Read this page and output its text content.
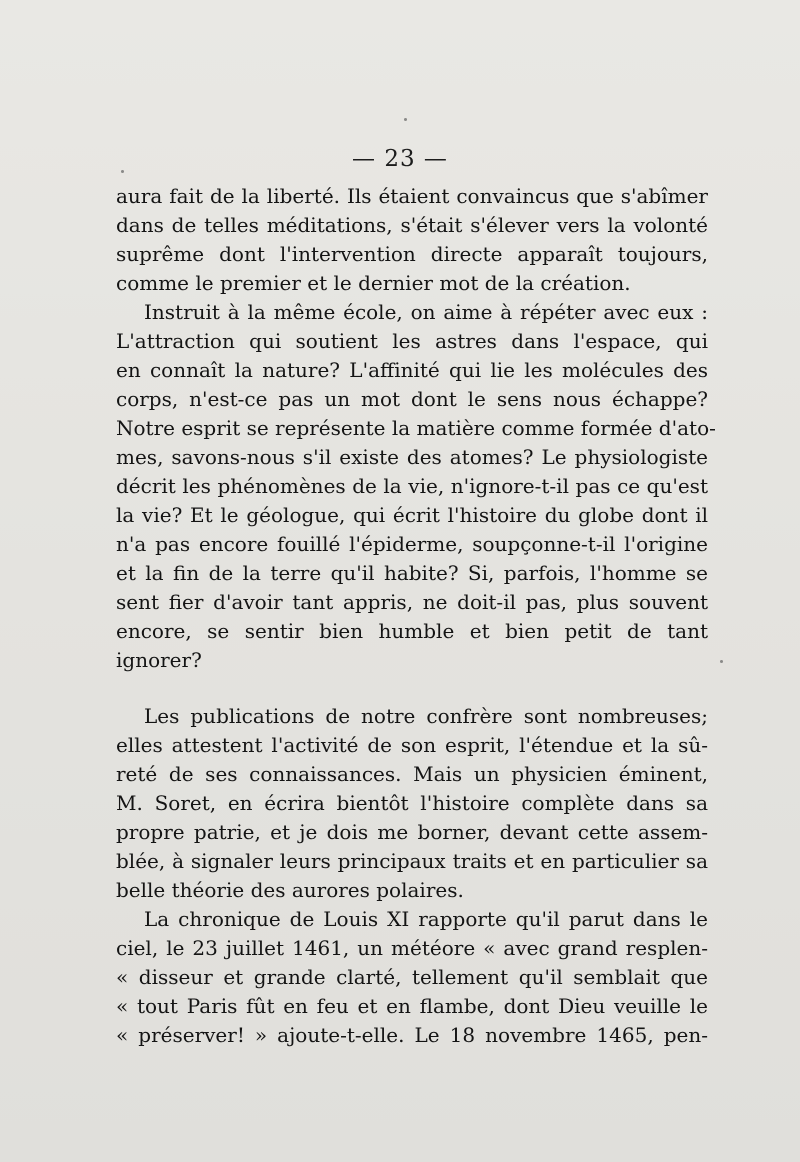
— 23 —
aura fait de la liberté. Ils étaient convaincus que s'abîmer
dans de telles méditations, s'était s'élever vers la volonté
suprême dont l'intervention directe apparaît toujours,
comme le premier et le dernier mot de la création.
Instruit à la même école, on aime à répéter avec eux :
L'attraction qui soutient les astres dans l'espace, qui
en connaît la nature? L'affinité qui lie les molécules des
corps, n'est-ce pas un mot dont le sens nous échappe?
Notre esprit se représente la matière comme formée d'ato-
mes, savons-nous s'il existe des atomes? Le physiologiste
décrit les phénomènes de la vie, n'ignore-t-il pas ce qu'est
la vie? Et le géologue, qui écrit l'histoire du globe dont il
n'a pas encore fouillé l'épiderme, soupçonne-t-il l'origine
et la fin de la terre qu'il habite? Si, parfois, l'homme se
sent fier d'avoir tant appris, ne doit-il pas, plus souvent
encore, se sentir bien humble et bien petit de tant
ignorer?
Les publications de notre confrère sont nombreuses;
elles attestent l'activité de son esprit, l'étendue et la sû-
reté de ses connaissances. Mais un physicien éminent,
M. Soret, en écrira bientôt l'histoire complète dans sa
propre patrie, et je dois me borner, devant cette assem-
blée, à signaler leurs principaux traits et en particulier sa
belle théorie des aurores polaires.
La chronique de Louis XI rapporte qu'il parut dans le
ciel, le 23 juillet 1461, un météore « avec grand resplen-
« disseur et grande clarté, tellement qu'il semblait que
« tout Paris fût en feu et en flambe, dont Dieu veuille le
« préserver! » ajoute-t-elle. Le 18 novembre 1465, pen-
